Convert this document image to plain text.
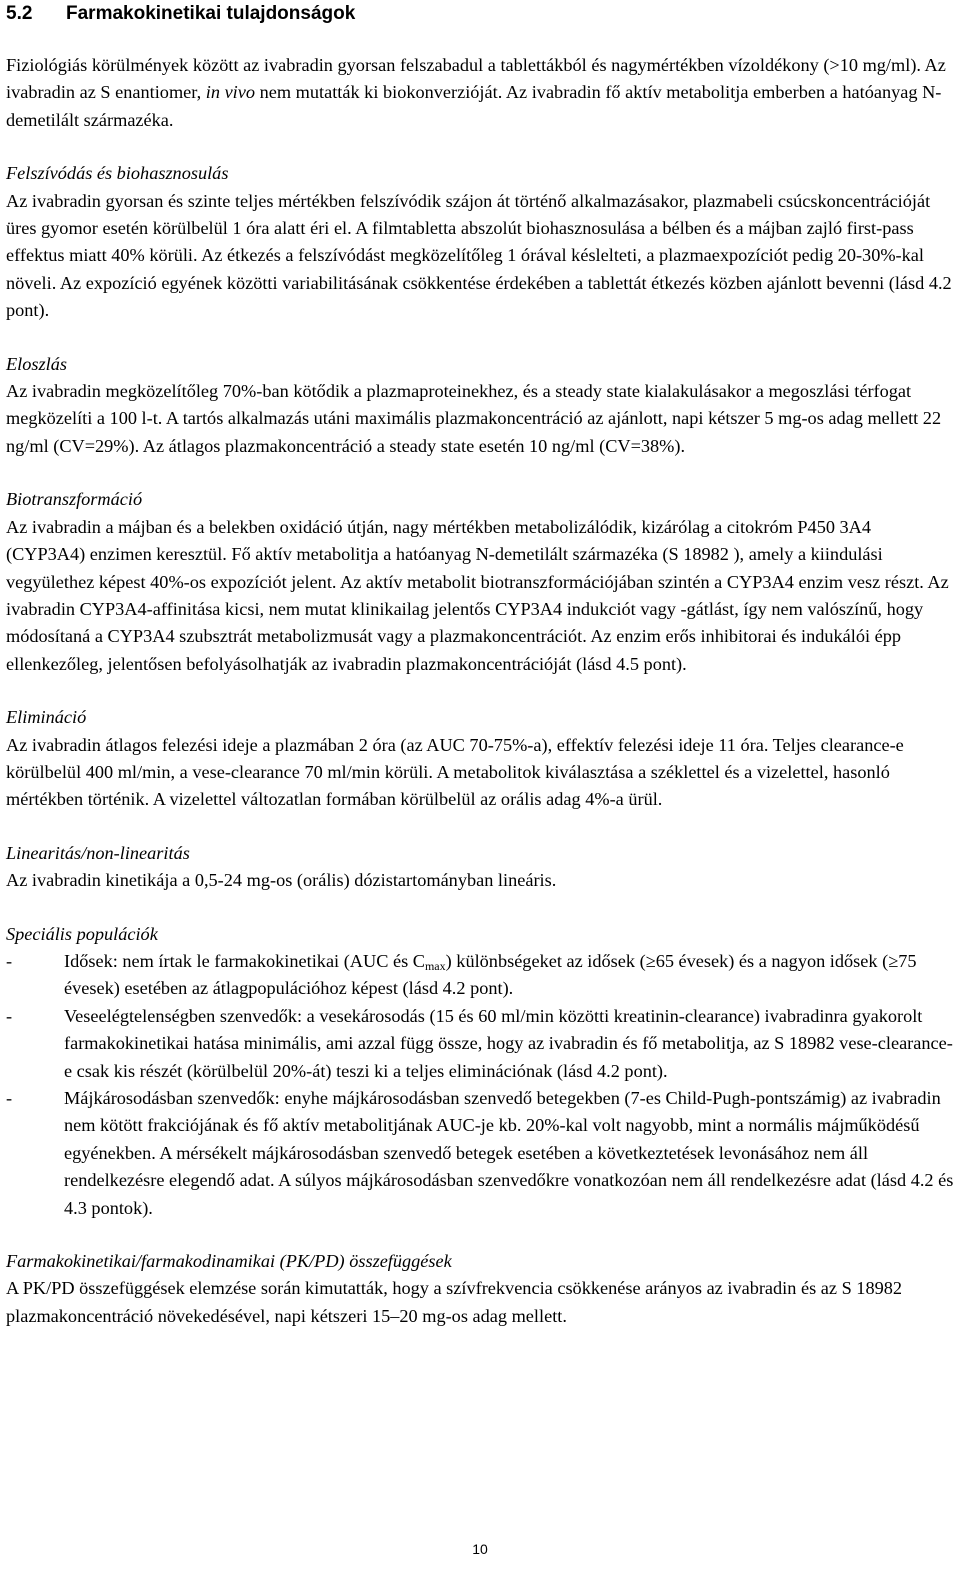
5.2	Farmakokinetikai tulajdonságok

Fiziológiás körülmények között az ivabradin gyorsan felszabadul a tablettákból és nagymértékben vízoldékony (>10 mg/ml). Az ivabradin az S enantiomer, in vivo nem mutatták ki biokonverzióját. Az ivabradin fő aktív metabolitja emberben a hatóanyag N-demetilált származéka.

Felszívódás és biohasznosulás

Az ivabradin gyorsan és szinte teljes mértékben felszívódik szájon át történő alkalmazásakor, plazmabeli csúcskoncentrációját üres gyomor esetén körülbelül 1 óra alatt éri el. A filmtabletta abszolút biohasznosulása a bélben és a májban zajló first-pass effektus miatt 40% körüli. Az étkezés a felszívódást megközelítőleg 1 órával késlelteti, a plazmaexpozíciót pedig 20-30%-kal növeli. Az expozíció egyének közötti variabilitásának csökkentése érdekében a tablettát étkezés közben ajánlott bevenni (lásd 4.2 pont).

Eloszlás

Az ivabradin megközelítőleg 70%-ban kötődik a plazmaproteinekhez, és a steady state kialakulásakor a megoszlási térfogat megközelíti a 100 l-t. A tartós alkalmazás utáni maximális plazmakoncentráció az ajánlott, napi kétszer 5 mg-os adag mellett 22 ng/ml (CV=29%). Az átlagos plazmakoncentráció a steady state esetén 10 ng/ml (CV=38%).

Biotranszformáció

Az ivabradin a májban és a belekben oxidáció útján, nagy mértékben metabolizálódik, kizárólag a citokróm P450 3A4 (CYP3A4) enzimen keresztül. Fő aktív metabolitja a hatóanyag N-demetilált származéka (S 18982 ), amely a kiindulási vegyülethez képest 40%-os expozíciót jelent. Az aktív metabolit biotranszformációjában szintén a CYP3A4 enzim vesz részt. Az ivabradin CYP3A4-affinitása kicsi, nem mutat klinikailag jelentős CYP3A4 indukciót vagy -gátlást, így nem valószínű, hogy módosítaná a CYP3A4 szubsztrát metabolizmusát vagy a plazmakoncentrációt. Az enzim erős inhibitorai és indukálói épp ellenkezőleg, jelentősen befolyásolhatják az ivabradin plazmakoncentrációját (lásd 4.5 pont).

Elimináció

Az ivabradin átlagos felezési ideje a plazmában 2 óra (az AUC 70-75%-a), effektív felezési ideje 11 óra. Teljes clearance-e körülbelül 400 ml/min, a vese-clearance 70 ml/min körüli. A metabolitok kiválasztása a széklettel és a vizelettel, hasonló mértékben történik. A vizelettel változatlan formában körülbelül az orális adag 4%-a ürül.

Linearitás/non-linearitás

Az ivabradin kinetikája a 0,5-24 mg-os (orális) dózistartományban lineáris.

Speciális populációk

-	Idősek: nem írtak le farmakokinetikai (AUC és $C_{max}$) különbségeket az idősek (≥65 évesek) és a nagyon idősek (≥75 évesek) esetében az átlagpopulációhoz képest (lásd 4.2 pont).
-	Veseelégtelenségben szenvedők: a vesekárosodás (15 és 60 ml/min közötti kreatinin-clearance) ivabradinra gyakorolt farmakokinetikai hatása minimális, ami azzal függ össze, hogy az ivabradin és fő metabolitja, az S 18982 vese-clearance-e csak kis részét (körülbelül 20%-át) teszi ki a teljes eliminációnak (lásd 4.2 pont).
-	Májkárosodásban szenvedők: enyhe májkárosodásban szenvedő betegekben (7-es Child-Pugh-pontszámig) az ivabradin nem kötött frakciójának és fő aktív metabolitjának AUC-je kb. 20%-kal volt nagyobb, mint a normális májműködésű egyénekben. A mérsékelt májkárosodásban szenvedő betegek esetében a következtetések levonásához nem áll rendelkezésre elegendő adat. A súlyos májkárosodásban szenvedőkre vonatkozóan nem áll rendelkezésre adat (lásd 4.2 és 4.3 pontok).

Farmakokinetikai/farmakodinamikai (PK/PD) összefüggések

A PK/PD összefüggések elemzése során kimutatták, hogy a szívfrekvencia csökkenése arányos az ivabradin és az S 18982 plazmakoncentráció növekedésével, napi kétszeri 15–20 mg-os adag mellett.

10
